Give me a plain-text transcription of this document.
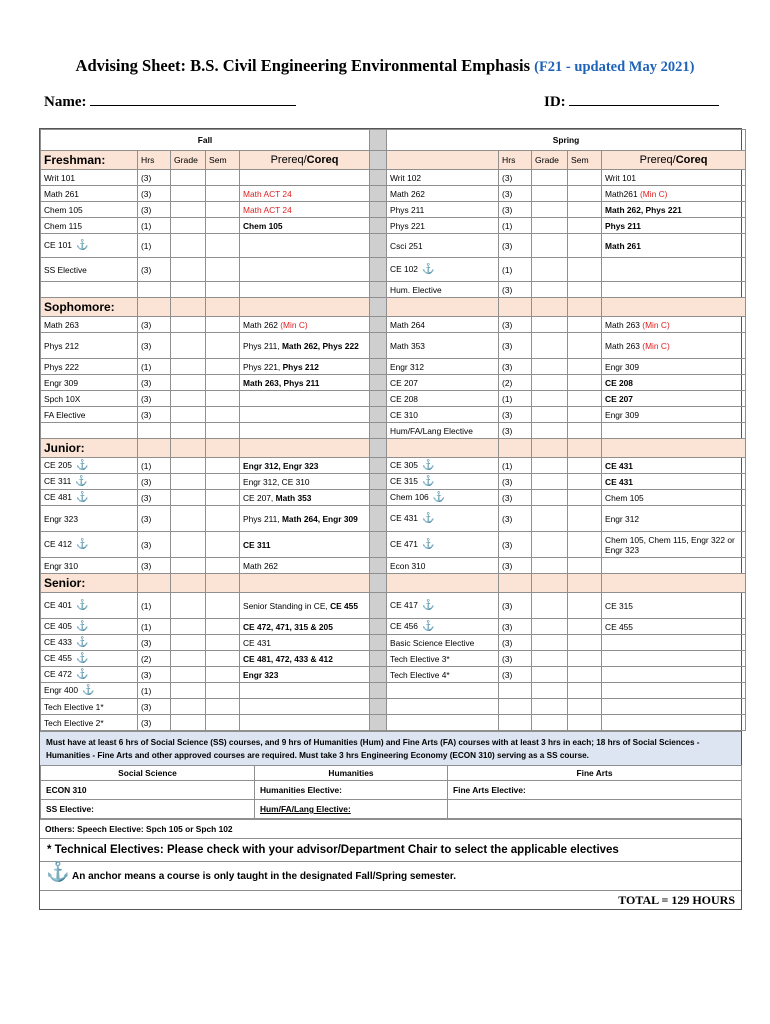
Advising Sheet: B.S. Civil Engineering Environmental Emphasis (F21 - updated May 2021)
Name:	ID:
Fall						Spring				
Freshman:	Hrs	Grade	Sem	Prereq/Coreq			Hrs	Grade	Sem	Prereq/Coreq
Writ 101	(3)					Writ 102	(3)			Writ 101
Math 261	(3)			Math ACT 24		Math 262	(3)			Math261 (Min C)
Chem 105	(3)			Math ACT 24		Phys 211	(3)			Math 262, Phys 221
Chem 115	(1)			Chem 105		Phys 221	(1)			Phys 211
CE 101 ⚓	(1)					Csci 251	(3)			Math 261
SS Elective	(3)					CE 102 ⚓	(1)			
						Hum. Elective	(3)			
Sophomore:										
Math 263	(3)			Math 262 (Min C)		Math 264	(3)			Math 263 (Min C)
Phys 212	(3)			Phys 211, Math 262, Phys 222		Math 353	(3)			Math 263 (Min C)
Phys 222	(1)			Phys 221, Phys 212		Engr 312	(3)			Engr 309
Engr 309	(3)			Math 263, Phys 211		CE 207	(2)			CE 208
Spch 10X	(3)					CE 208	(1)			CE 207
FA Elective	(3)					CE 310	(3)			Engr 309
						Hum/FA/Lang Elective	(3)			
Junior:										
CE 205 ⚓	(1)			Engr 312, Engr 323		CE 305 ⚓	(1)			CE 431
CE 311 ⚓	(3)			Engr 312, CE 310		CE 315 ⚓	(3)			CE 431
CE 481 ⚓	(3)			CE 207, Math 353		Chem 106 ⚓	(3)			Chem 105
Engr 323	(3)			Phys 211, Math 264, Engr 309		CE 431 ⚓	(3)			Engr 312
CE 412 ⚓	(3)			CE 311		CE 471 ⚓	(3)			Chem 105, Chem 115, Engr 322 or Engr 323
Engr 310	(3)			Math 262		Econ 310	(3)			
Senior:										
CE 401 ⚓	(1)			Senior Standing in CE, CE 455		CE 417 ⚓	(3)			CE 315
CE 405 ⚓	(1)			CE 472, 471, 315 & 205		CE 456 ⚓	(3)			CE 455
CE 433 ⚓	(3)			CE 431		Basic Science Elective	(3)			
CE 455 ⚓	(2)			CE 481, 472, 433 & 412		Tech Elective 3*	(3)			
CE 472 ⚓	(3)			Engr 323		Tech Elective 4*	(3)			
Engr 400 ⚓	(1)									
Tech Elective 1*	(3)									
Tech Elective 2*	(3)									
Must have at least 6 hrs of Social Science (SS) courses, and 9 hrs of Humanities (Hum) and Fine Arts (FA) courses with at least 3 hrs in each; 18 hrs of Social Sciences - Humanities - Fine Arts and other approved courses are required. Must take 3 hrs Engineering Economy (ECON 310) serving as a SS course.
Social Science	Humanities	Fine Arts
ECON 310	Humanities Elective:	Fine Arts Elective:
SS Elective:	Hum/FA/Lang Elective:	
Others: Speech Elective: Spch 105 or Spch 102
* Technical Electives: Please check with your advisor/Department Chair to select the applicable electives
⚓ An anchor means a course is only taught in the designated Fall/Spring semester.
TOTAL = 129 HOURS
